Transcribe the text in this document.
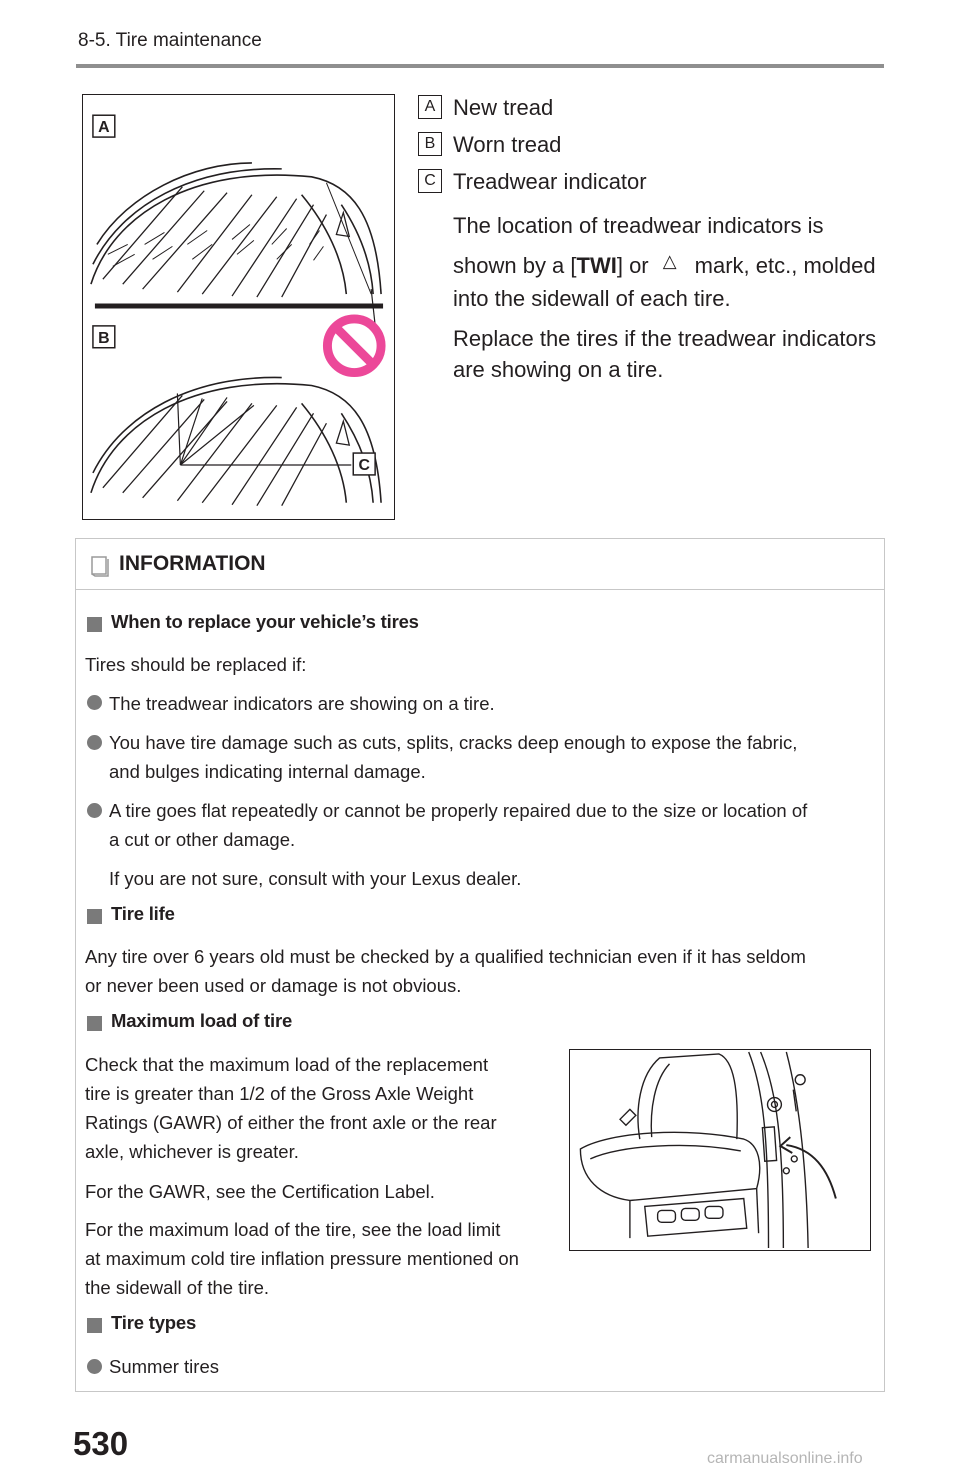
8-5. Tire maintenance
A
B
C
A New tread
B Worn tread
C Treadwear indicator
The location of treadwear indicators is
shown by a [TWI] or △ mark, etc., molded
into the sidewall of each tire.
Replace the tires if the treadwear indicators
are showing on a tire.
INFORMATION
When to replace your vehicle’s tires
Tires should be replaced if:
The treadwear indicators are showing on a tire.
You have tire damage such as cuts, splits, cracks deep enough to expose the fabric,
and bulges indicating internal damage.
A tire goes flat repeatedly or cannot be properly repaired due to the size or location of
a cut or other damage.
If you are not sure, consult with your Lexus dealer.
Tire life
Any tire over 6 years old must be checked by a qualified technician even if it has seldom
or never been used or damage is not obvious.
Maximum load of tire
Check that the maximum load of the replacement
tire is greater than 1/2 of the Gross Axle Weight
Ratings (GAWR) of either the front axle or the rear
axle, whichever is greater.
For the GAWR, see the Certification Label.
For the maximum load of the tire, see the load limit
at maximum cold tire inflation pressure mentioned on
the sidewall of the tire.
Tire types
Summer tires
530	carmanualsonline.info
